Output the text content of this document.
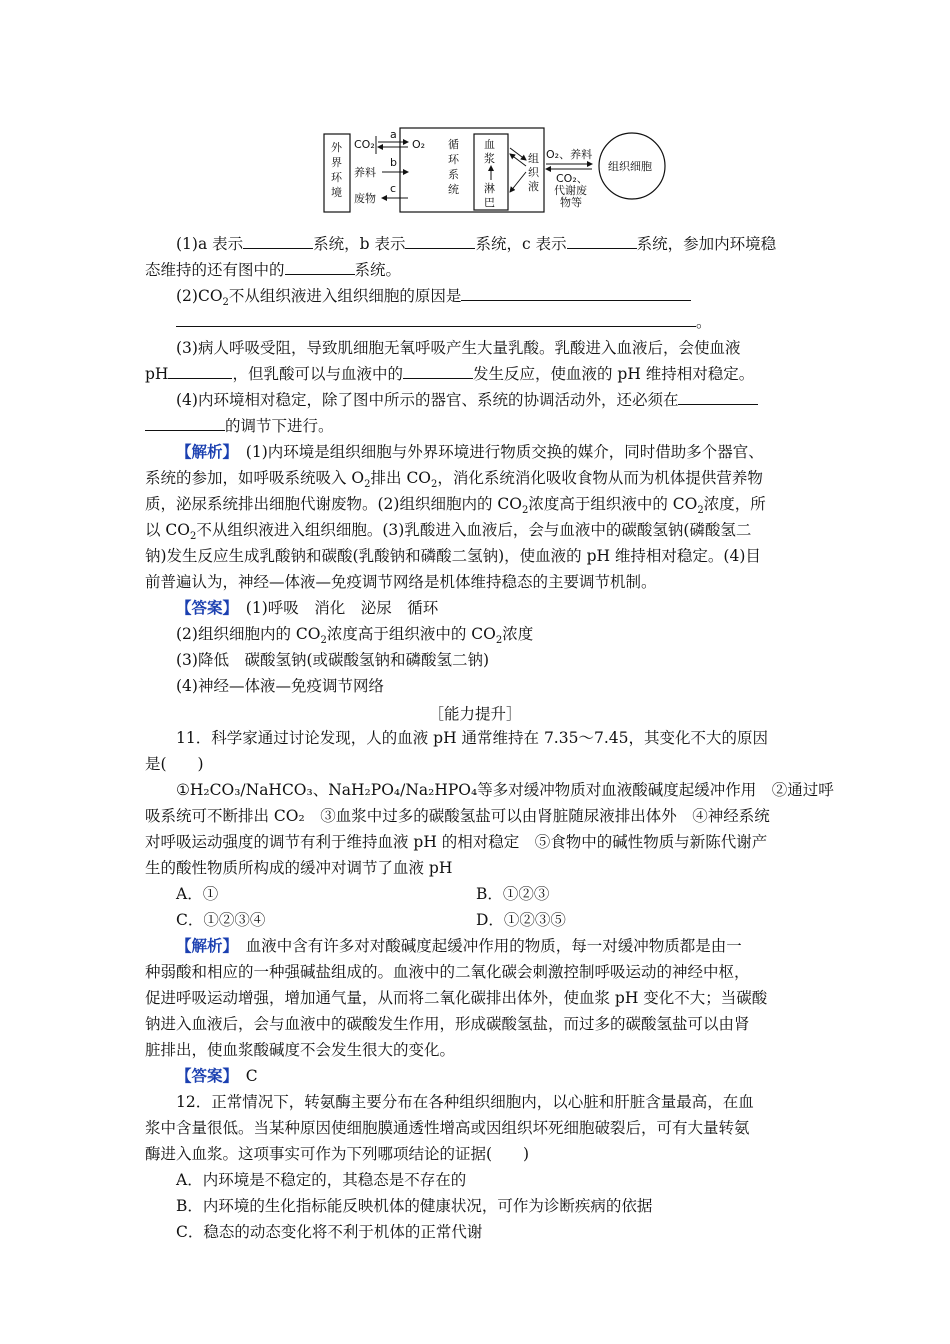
外
界
环
境
CO₂
a
O₂
养料
b
c
废物
循
环
系
统
血
浆
淋
巴
组
织
液
O₂、养料
CO₂、
代谢废
物等
组织细胞
(1)a 表示	系统，b 表示	系统，c 表示	系统，参加内环境稳
态维持的还有图中的	系统。
$(2)CO_2$不从组织液进入组织细胞的原因是
。
(3)病人呼吸受阻，导致肌细胞无氧呼吸产生大量乳酸。乳酸进入血液后，会使血液
pH	，但乳酸可以与血液中的	发生反应，使血液的 pH 维持相对稳定。
(4)内环境相对稳定，除了图中所示的器官、系统的协调活动外，还必须在
的调节下进行。
【解析】　 (1)内环境是组织细胞与外界环境进行物质交换的媒介，同时借助多个器官、
系统的参加，如呼吸系统吸入 $O_2$排出 $CO_2$，消化系统消化吸收食物从而为机体提供营养物
质，泌尿系统排出细胞代谢废物。(2)组织细胞内的 $CO_2$浓度高于组织液中的 $CO_2$浓度，所
以 $CO_2$不从组织液进入组织细胞。(3)乳酸进入血液后，会与血液中的碳酸氢钠(磷酸氢二
钠)发生反应生成乳酸钠和碳酸(乳酸钠和磷酸二氢钠)，使血液的 pH 维持相对稳定。(4)目
前普遍认为，神经—体液—免疫调节网络是机体维持稳态的主要调节机制。
【答案】　 (1)呼吸　消化　泌尿　循环
(2)组织细胞内的 $CO_2$浓度高于组织液中的 $CO_2$浓度
(3)降低　碳酸氢钠(或碳酸氢钠和磷酸氢二钠)
(4)神经—体液—免疫调节网络
［能力提升］
11．科学家通过讨论发现，人的血液 pH 通常维持在 7.35～7.45，其变化不大的原因
是(　　)
①H₂CO₃/NaHCO₃、NaH₂PO₄/Na₂HPO₄等多对缓冲物质对血液酸碱度起缓冲作用　②通过呼
吸系统可不断排出 CO₂　③血浆中过多的碳酸氢盐可以由肾脏随尿液排出体外　④神经系统
对呼吸运动强度的调节有利于维持血液 pH 的相对稳定　⑤食物中的碱性物质与新陈代谢产
生的酸性物质所构成的缓冲对调节了血液 pH
A．①	B．①②③
C．①②③④	D．①②③⑤
【解析】　 血液中含有许多对对酸碱度起缓冲作用的物质，每一对缓冲物质都是由一
种弱酸和相应的一种强碱盐组成的。血液中的二氧化碳会刺激控制呼吸运动的神经中枢，
促进呼吸运动增强，增加通气量，从而将二氧化碳排出体外，使血浆 pH 变化不大；当碳酸
钠进入血液后，会与血液中的碳酸发生作用，形成碳酸氢盐，而过多的碳酸氢盐可以由肾
脏排出，使血浆酸碱度不会发生很大的变化。
【答案】　 C
12．正常情况下，转氨酶主要分布在各种组织细胞内，以心脏和肝脏含量最高，在血
浆中含量很低。当某种原因使细胞膜通透性增高或因组织坏死细胞破裂后，可有大量转氨
酶进入血浆。这项事实可作为下列哪项结论的证据(　　)
A．内环境是不稳定的，其稳态是不存在的
B．内环境的生化指标能反映机体的健康状况，可作为诊断疾病的依据
C．稳态的动态变化将不利于机体的正常代谢
